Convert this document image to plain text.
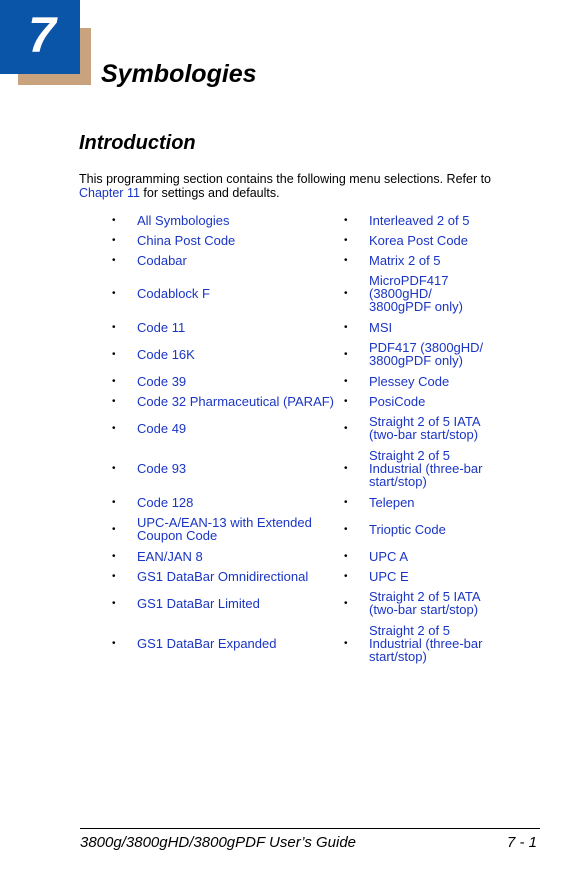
7
Symbologies
Introduction

This programming section contains the following menu selections. Refer to Chapter 11 for settings and defaults.

•	All Symbologies	•	Interleaved 2 of 5
•	China Post Code	•	Korea Post Code
•	Codabar	•	Matrix 2 of 5
•	Codablock F	•	MicroPDF417 (3800gHD/ 3800gPDF only)
•	Code 11	•	MSI
•	Code 16K	•	PDF417 (3800gHD/ 3800gPDF only)
•	Code 39	•	Plessey Code
•	Code 32 Pharmaceutical (PARAF)	•	PosiCode
•	Code 49	•	Straight 2 of 5 IATA (two-bar start/stop)
•	Code 93	•	Straight 2 of 5 Industrial (three-bar start/stop)
•	Code 128	•	Telepen
•	UPC-A/EAN-13 with Extended Coupon Code	•	Trioptic Code
•	EAN/JAN 8	•	UPC A
•	GS1 DataBar Omnidirectional	•	UPC E
•	GS1 DataBar Limited	•	Straight 2 of 5 IATA (two-bar start/stop)
•	GS1 DataBar Expanded	•	Straight 2 of 5 Industrial (three-bar start/stop)
3800g/3800gHD/3800gPDF User’s Guide	7 - 1
